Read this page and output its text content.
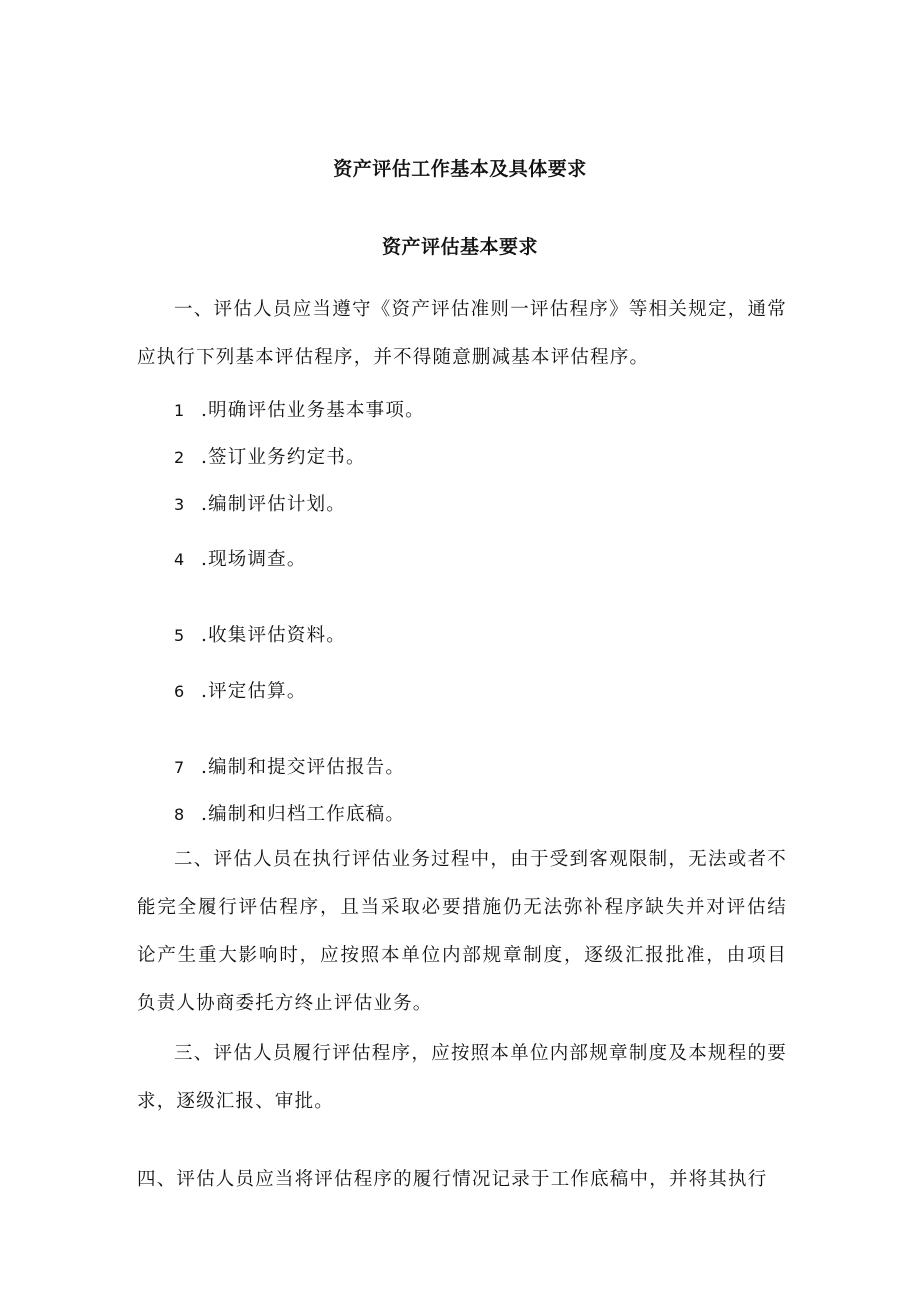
资产评估工作基本及具体要求
资产评估基本要求

一、评估人员应当遵守《资产评估准则一评估程序》等相关规定，通常应执行下列基本评估程序，并不得随意删减基本评估程序。

1 .明确评估业务基本事项。
2 .签订业务约定书。
3 .编制评估计划。
4 .现场调查。
5 .收集评估资料。
6 .评定估算。
7 .编制和提交评估报告。
8 .编制和归档工作底稿。

二、评估人员在执行评估业务过程中，由于受到客观限制，无法或者不能完全履行评估程序，且当采取必要措施仍无法弥补程序缺失并对评估结论产生重大影响时，应按照本单位内部规章制度，逐级汇报批准，由项目负责人协商委托方终止评估业务。

三、评估人员履行评估程序，应按照本单位内部规章制度及本规程的要求，逐级汇报、审批。

四、评估人员应当将评估程序的履行情况记录于工作底稿中，并将其执行
